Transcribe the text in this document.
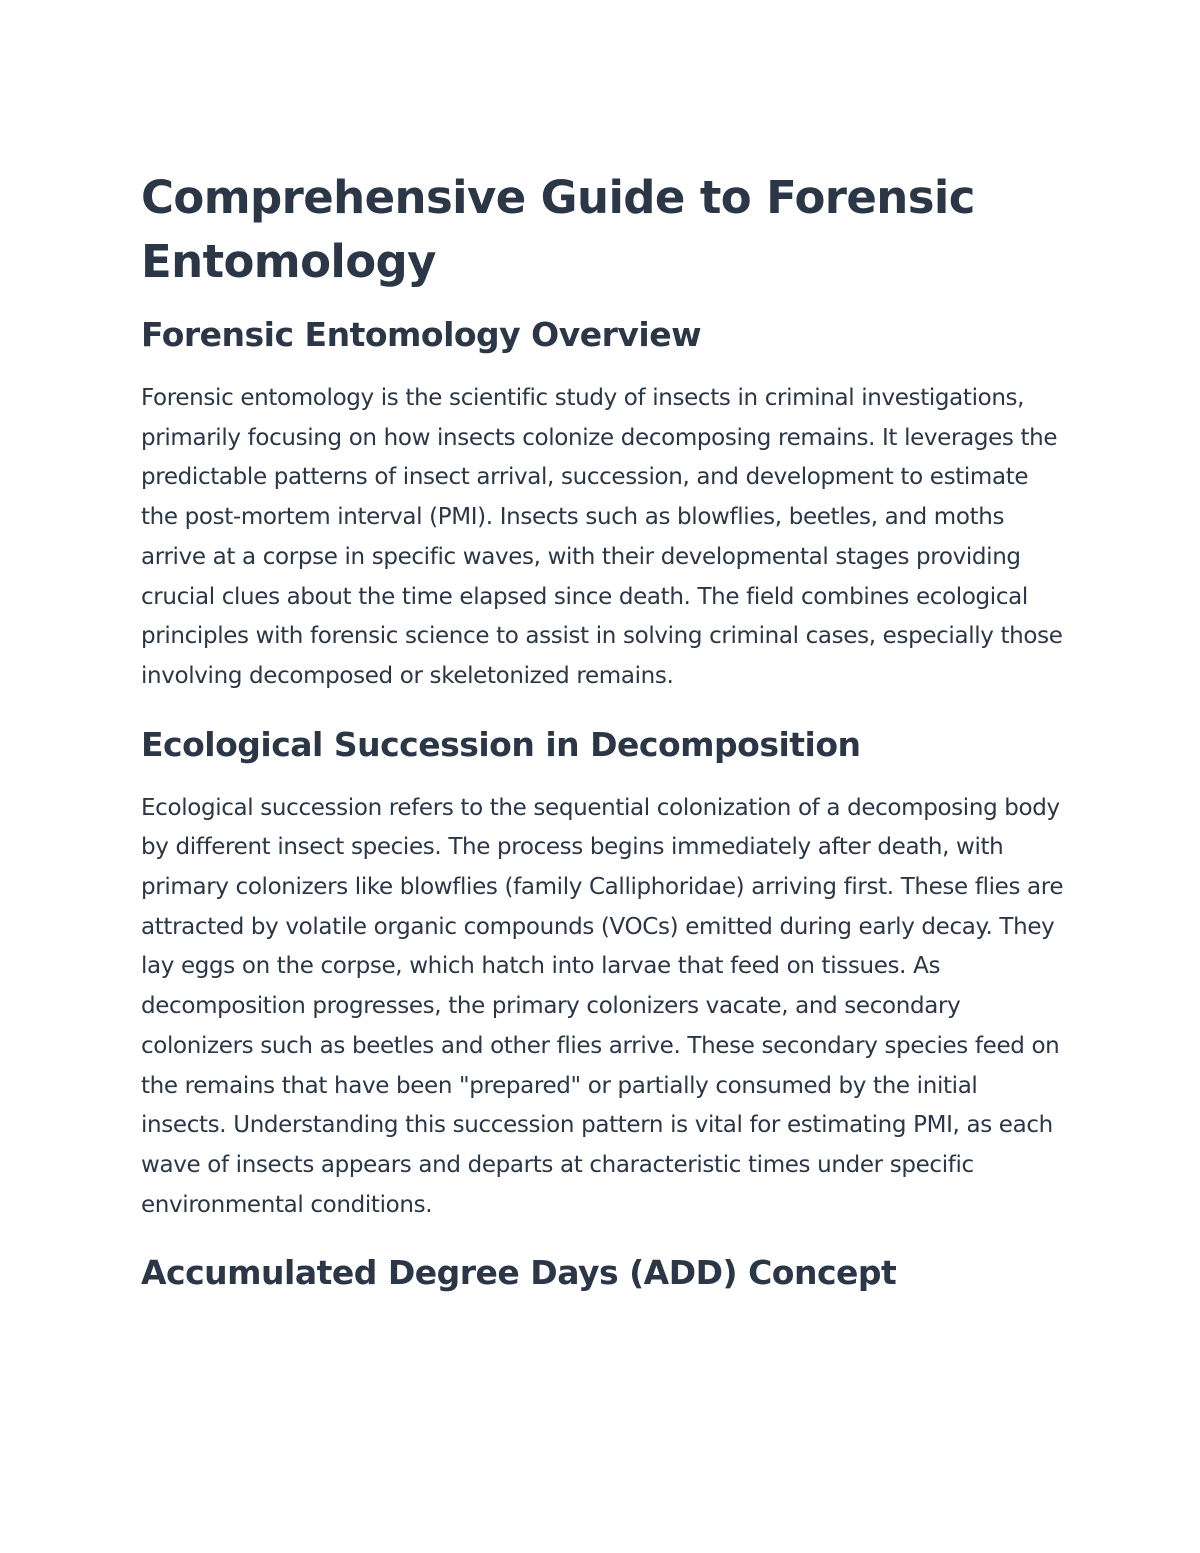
Comprehensive Guide to Forensic Entomology
Forensic Entomology Overview

Forensic entomology is the scientific study of insects in criminal investigations, primarily focusing on how insects colonize decomposing remains. It leverages the predictable patterns of insect arrival, succession, and development to estimate the post-mortem interval (PMI). Insects such as blowflies, beetles, and moths arrive at a corpse in specific waves, with their developmental stages providing crucial clues about the time elapsed since death. The field combines ecological principles with forensic science to assist in solving criminal cases, especially those involving decomposed or skeletonized remains.

Ecological Succession in Decomposition

Ecological succession refers to the sequential colonization of a decomposing body by different insect species. The process begins immediately after death, with primary colonizers like blowflies (family Calliphoridae) arriving first. These flies are attracted by volatile organic compounds (VOCs) emitted during early decay. They lay eggs on the corpse, which hatch into larvae that feed on tissues. As decomposition progresses, the primary colonizers vacate, and secondary colonizers such as beetles and other flies arrive. These secondary species feed on the remains that have been "prepared" or partially consumed by the initial insects. Understanding this succession pattern is vital for estimating PMI, as each wave of insects appears and departs at characteristic times under specific environmental conditions.

Accumulated Degree Days (ADD) Concept
